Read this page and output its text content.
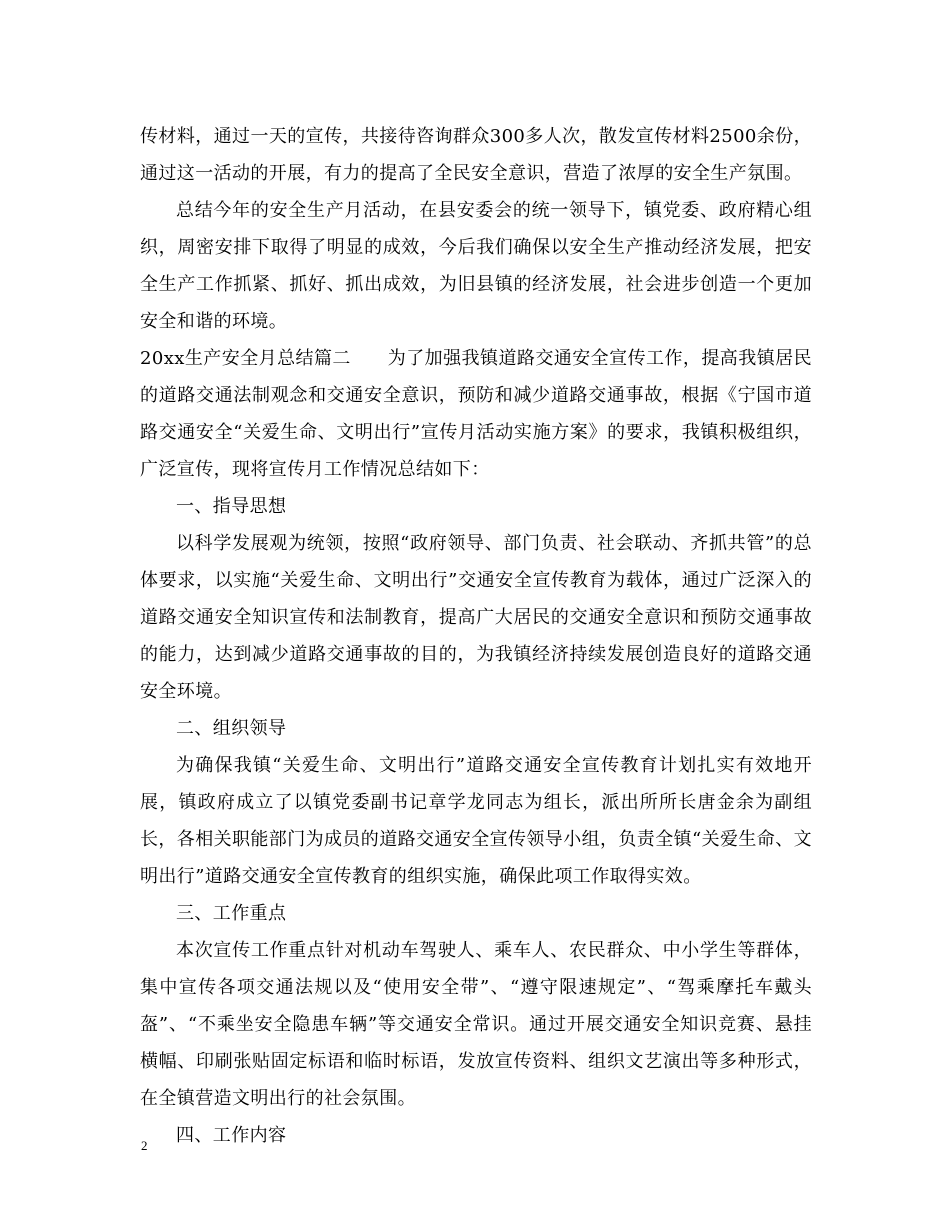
传材料，通过一天的宣传，共接待咨询群众300多人次，散发宣传材料2500余份，通过这一活动的开展，有力的提高了全民安全意识，营造了浓厚的安全生产氛围。

总结今年的安全生产月活动，在县安委会的统一领导下，镇党委、政府精心组织，周密安排下取得了明显的成效，今后我们确保以安全生产推动经济发展，把安全生产工作抓紧、抓好、抓出成效，为旧县镇的经济发展，社会进步创造一个更加安全和谐的环境。

20xx生产安全月总结篇二　　为了加强我镇道路交通安全宣传工作，提高我镇居民的道路交通法制观念和交通安全意识，预防和减少道路交通事故，根据《宁国市道路交通安全“关爱生命、文明出行”宣传月活动实施方案》的要求，我镇积极组织，广泛宣传，现将宣传月工作情况总结如下：

一、指导思想

以科学发展观为统领，按照“政府领导、部门负责、社会联动、齐抓共管”的总体要求，以实施“关爱生命、文明出行”交通安全宣传教育为载体，通过广泛深入的道路交通安全知识宣传和法制教育，提高广大居民的交通安全意识和预防交通事故的能力，达到减少道路交通事故的目的，为我镇经济持续发展创造良好的道路交通安全环境。

二、组织领导

为确保我镇“关爱生命、文明出行”道路交通安全宣传教育计划扎实有效地开展，镇政府成立了以镇党委副书记章学龙同志为组长，派出所所长唐金余为副组长，各相关职能部门为成员的道路交通安全宣传领导小组，负责全镇“关爱生命、文明出行”道路交通安全宣传教育的组织实施，确保此项工作取得实效。

三、工作重点

本次宣传工作重点针对机动车驾驶人、乘车人、农民群众、中小学生等群体，集中宣传各项交通法规以及“使用安全带”、“遵守限速规定”、“驾乘摩托车戴头盔”、“不乘坐安全隐患车辆”等交通安全常识。通过开展交通安全知识竞赛、悬挂横幅、印刷张贴固定标语和临时标语，发放宣传资料、组织文艺演出等多种形式，在全镇营造文明出行的社会氛围。

四、工作内容

2
